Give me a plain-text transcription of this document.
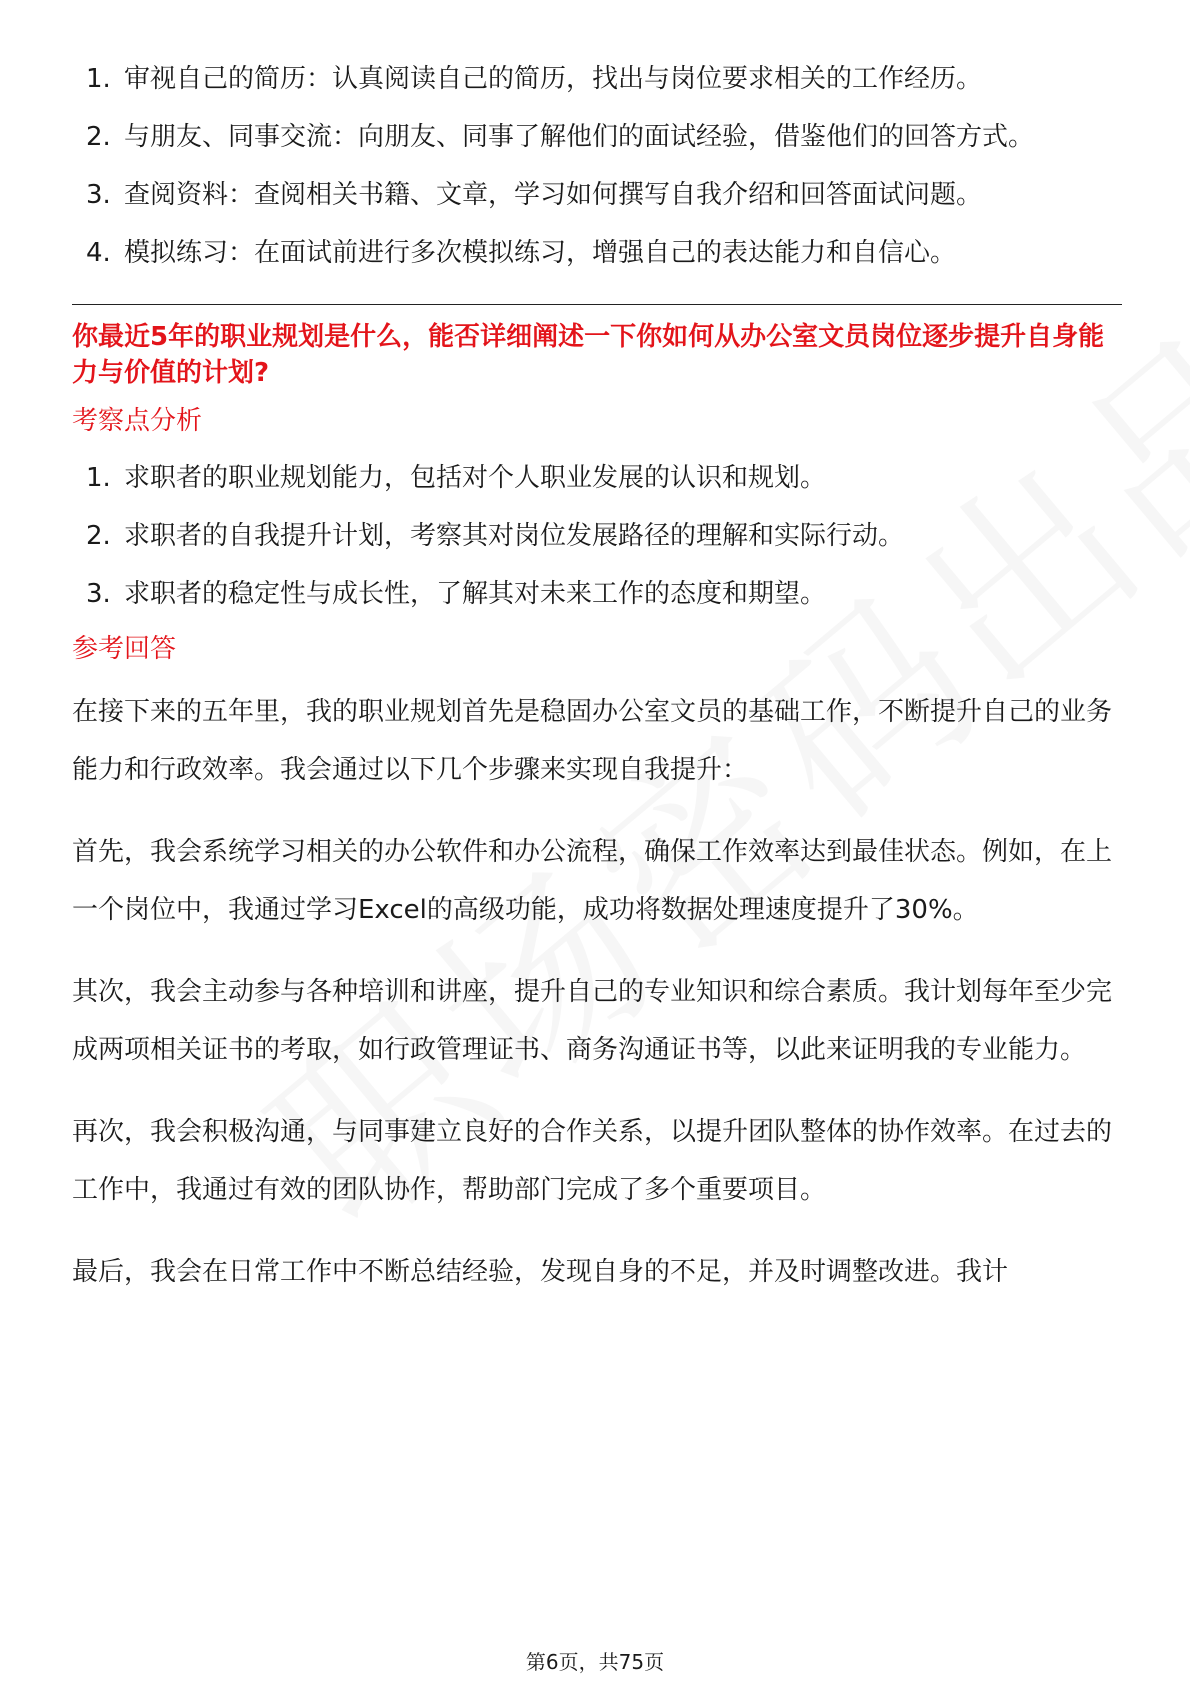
1. 审视自己的简历：认真阅读自己的简历，找出与岗位要求相关的工作经历。
2. 与朋友、同事交流：向朋友、同事了解他们的面试经验，借鉴他们的回答方式。
3. 查阅资料：查阅相关书籍、文章，学习如何撰写自我介绍和回答面试问题。
4. 模拟练习：在面试前进行多次模拟练习，增强自己的表达能力和自信心。
你最近5年的职业规划是什么，能否详细阐述一下你如何从办公室文员岗位逐步提升自身能力与价值的计划?
考察点分析
1. 求职者的职业规划能力，包括对个人职业发展的认识和规划。
2. 求职者的自我提升计划，考察其对岗位发展路径的理解和实际行动。
3. 求职者的稳定性与成长性，了解其对未来工作的态度和期望。
参考回答

在接下来的五年里，我的职业规划首先是稳固办公室文员的基础工作，不断提升自己的业务能力和行政效率。我会通过以下几个步骤来实现自我提升：

首先，我会系统学习相关的办公软件和办公流程，确保工作效率达到最佳状态。例如，在上一个岗位中，我通过学习Excel的高级功能，成功将数据处理速度提升了30%。

其次，我会主动参与各种培训和讲座，提升自己的专业知识和综合素质。我计划每年至少完成两项相关证书的考取，如行政管理证书、商务沟通证书等，以此来证明我的专业能力。

再次，我会积极沟通，与同事建立良好的合作关系，以提升团队整体的协作效率。在过去的工作中，我通过有效的团队协作，帮助部门完成了多个重要项目。

最后，我会在日常工作中不断总结经验，发现自身的不足，并及时调整改进。我计

第6页，共75页
